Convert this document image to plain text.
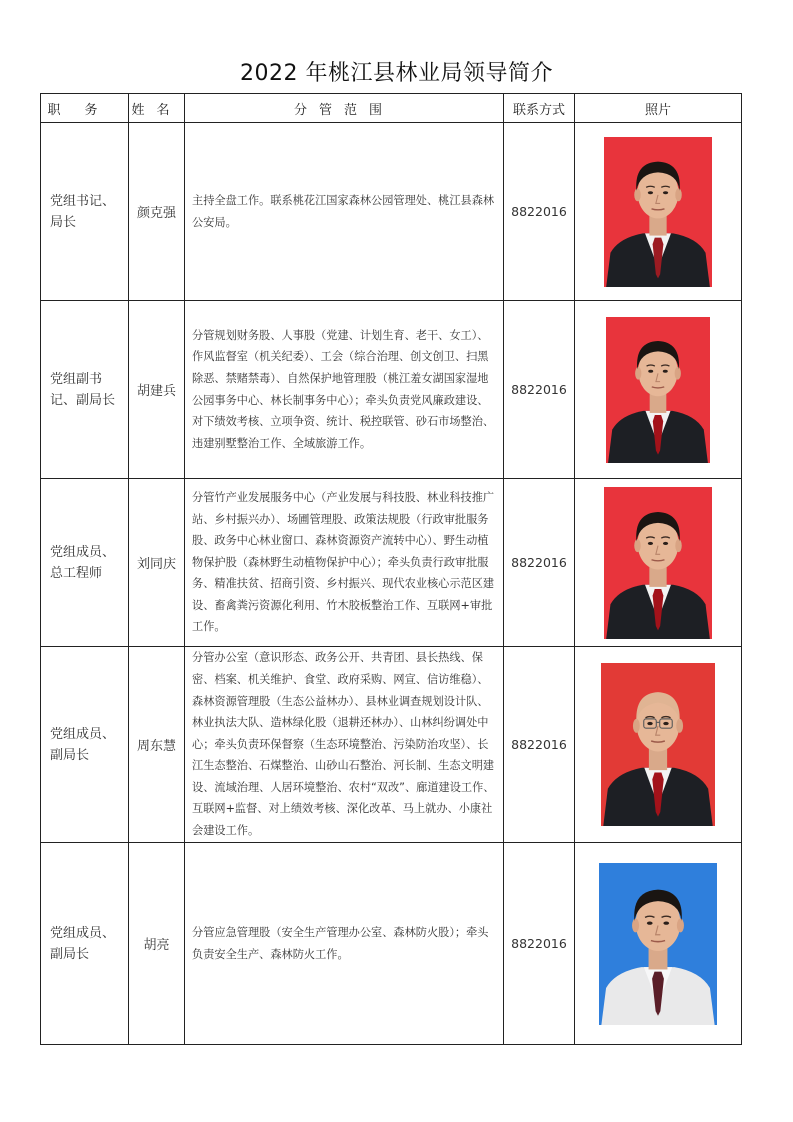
2022 年桃江县林业局领导简介
职务	姓名	分管范围	联系方式	照片
党组书记、局长	颜克强	主持全盘工作。联系桃花江国家森林公园管理处、桃江县森林公安局。	8822016	

党组副书记、副局长	胡建兵	分管规划财务股、人事股（党建、计划生育、老干、女工）、作风监督室（机关纪委）、工会（综合治理、创文创卫、扫黑除恶、禁赌禁毒）、自然保护地管理股（桃江羞女湖国家湿地公园事务中心、林长制事务中心）；牵头负责党风廉政建设、对下绩效考核、立项争资、统计、税控联管、砂石市场整治、违建别墅整治工作、全域旅游工作。	8822016	

党组成员、总工程师	刘同庆	分管竹产业发展服务中心（产业发展与科技股、林业科技推广站、乡村振兴办）、场圃管理股、政策法规股（行政审批服务股、政务中心林业窗口、森林资源资产流转中心）、野生动植物保护股（森林野生动植物保护中心）；牵头负责行政审批服务、精准扶贫、招商引资、乡村振兴、现代农业核心示范区建设、畜禽粪污资源化利用、竹木胶板整治工作、互联网+审批工作。	8822016	

党组成员、副局长	周东慧	分管办公室（意识形态、政务公开、共青团、县长热线、保密、档案、机关维护、食堂、政府采购、网宣、信访维稳）、森林资源管理股（生态公益林办）、县林业调查规划设计队、林业执法大队、造林绿化股（退耕还林办）、山林纠纷调处中心；牵头负责环保督察（生态环境整治、污染防治攻坚）、长江生态整治、石煤整治、山砂山石整治、河长制、生态文明建设、流域治理、人居环境整治、农村“双改”、廊道建设工作、互联网+监督、对上绩效考核、深化改革、马上就办、小康社会建设工作。	8822016	

党组成员、副局长	胡亮	分管应急管理股（安全生产管理办公室、森林防火股）；牵头负责安全生产、森林防火工作。	8822016	
